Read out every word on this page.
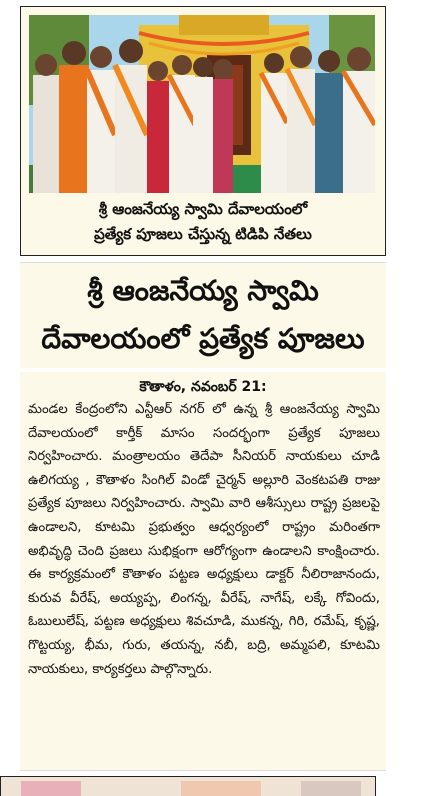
శ్రీ ఆంజనేయ్య స్వామి దేవాలయంలో
ప్రత్యేక పూజలు చేస్తున్న టిడిపి నేతలు
శ్రీ ఆంజనేయ్య స్వామి
దేవాలయంలో ప్రత్యేక పూజలు
కౌతాళం, నవంబర్ 21:
మండల కేంద్రంలోని ఎన్టీఆర్ నగర్ లో ఉన్న శ్రీ ఆంజనేయ్య స్వామి దేవాలయంలో కార్తీక్ మాసం సందర్భంగా ప్రత్యేక పూజలు నిర్వహించారు. మంత్రాలయం తెదేపా సీనియర్ నాయకులు చూడి ఉలిగయ్య , కౌతాళం సింగిల్ విండో చైర్మన్ అల్లూరి వెంకటపతి రాజు ప్రత్యేక పూజలు నిర్వహించారు. స్వామి వారి ఆశీస్సులు రాష్ట్ర ప్రజలపై ఉండాలని, కూటమి ప్రభుత్వం ఆధ్వర్యంలో రాష్ట్రం మరింతగా అభివృద్ధి చెంది ప్రజలు సుభిక్షంగా ఆరోగ్యంగా ఉండాలని కాంక్షించారు. ఈ కార్యక్రమంలో కౌతాళం పట్టణ అధ్యక్షులు డాక్టర్ నీలిరాజానందు, కురువ వీరేష్, అయ్యప్ప, లింగన్న, వీరేష్, నాగేష్, లక్కే గోవిందు, ఓబులులేష్, పట్టణ అధ్యక్షులు శివచూడి, ముకన్న, గిరి, రమేష్, కృష్ణ, గొట్టయ్య, భీమ, గురు, తయన్న, నబీ, బద్రి, అమ్మపలి, కూటమి నాయకులు, కార్యకర్తలు పాల్గొన్నారు.
